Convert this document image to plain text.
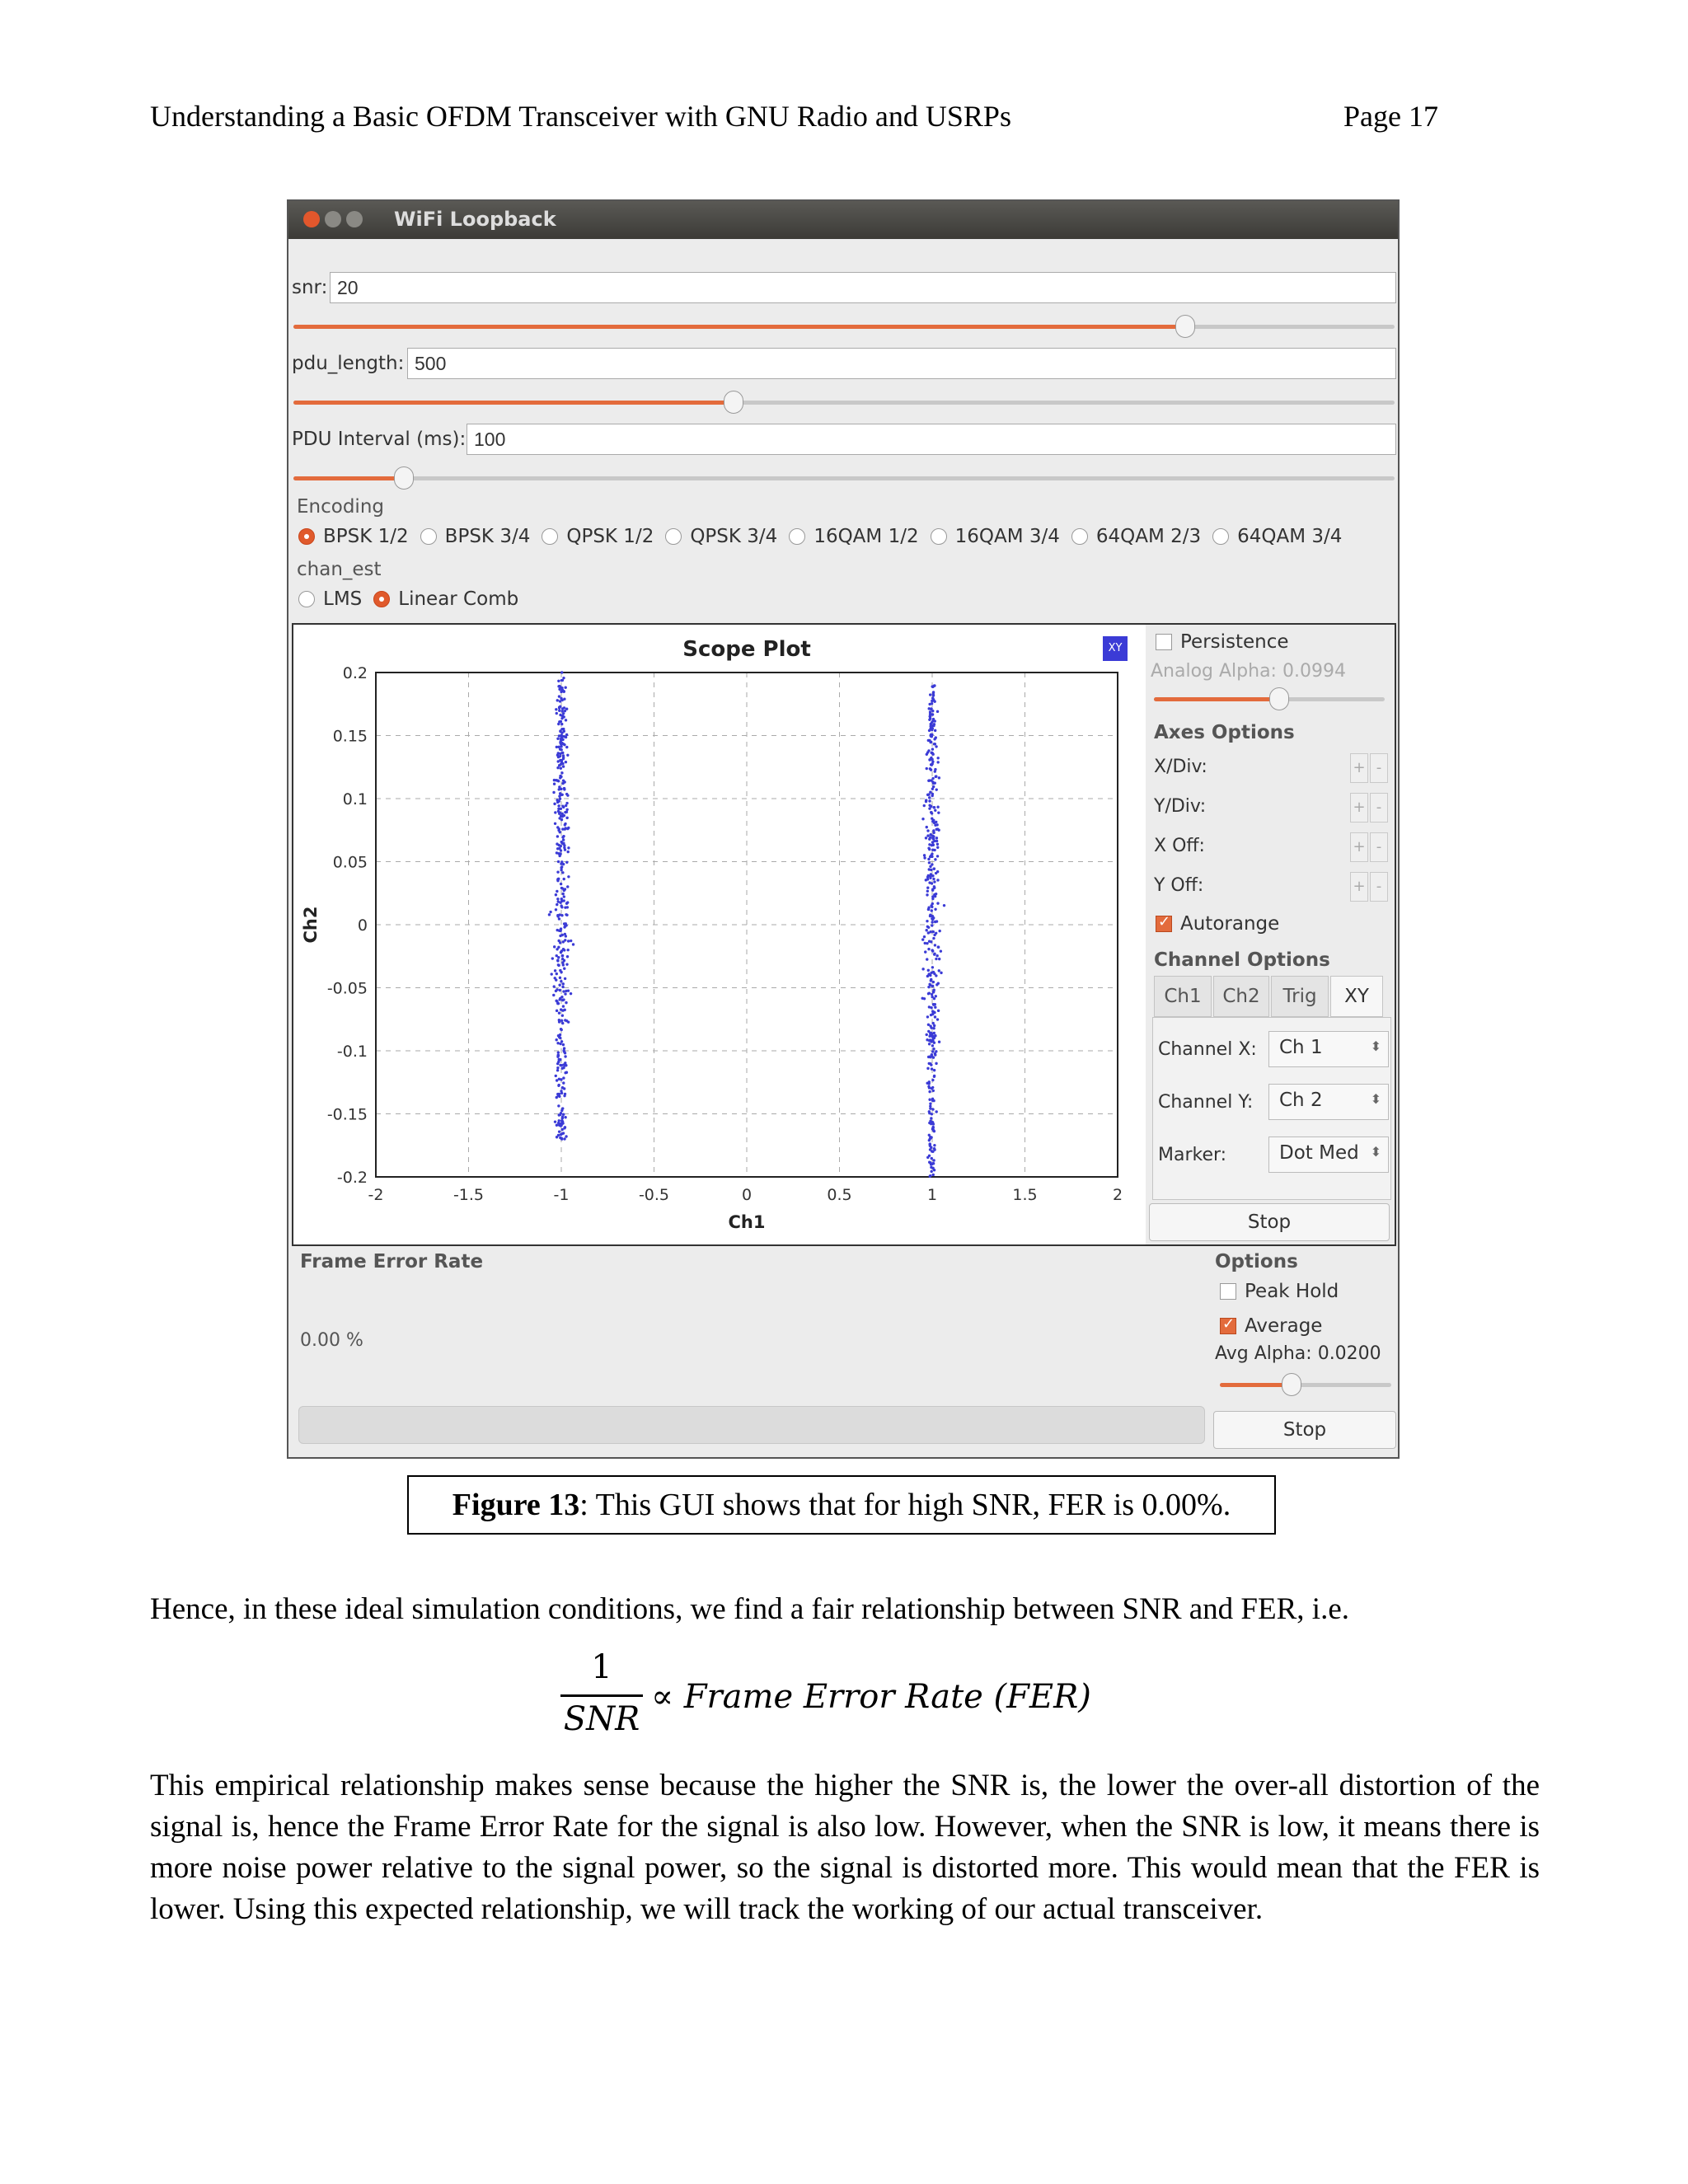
Understanding a Basic OFDM Transceiver with GNU Radio and USRPs	Page 17
WiFi Loopback
snr:
20
pdu_length:
500
PDU Interval (ms):
100
Encoding
BPSK 1/2 BPSK 3/4 QPSK 1/2 QPSK 3/4 16QAM 1/2 16QAM 3/4 64QAM 2/3 64QAM 3/4
chan_est
LMS Linear Comb
Scope Plot
-2	-1.5	-1	-0.5	0	0.5	1	1.5	2
0.2
0.15
0.1
0.05
0
-0.05
-0.1
-0.15
-0.2
Ch1
Ch2
XY	Persistence
Analog Alpha: 0.0994
Axes Options
X/Div:	+ -
Y/Div:	+ -
X Off:	+ -
Y Off:	+ -
✓
Autorange
Channel Options
Ch1	Ch2	Trig	XY
Channel X:	Ch 1	⬍
Channel Y:	Ch 2	⬍
Marker:	Dot Med ⬍
Stop
Frame Error Rate
0.00 %
Options
Peak Hold
✓
Average
Avg Alpha: 0.0200
Stop
Figure 13: This GUI shows that for high SNR, FER is 0.00%.
Hence, in these ideal simulation conditions, we find a fair relationship between SNR and FER, i.e.
1
SNR
∝ Frame Error Rate (FER)
This empirical relationship makes sense because the higher the SNR is, the lower the over-all distortion of the signal is, hence the Frame Error Rate for the signal is also low. However, when the SNR is low, it means there is more noise power relative to the signal power, so the signal is distorted more. This would mean that the FER is lower. Using this expected relationship, we will track the working of our actual transceiver.
